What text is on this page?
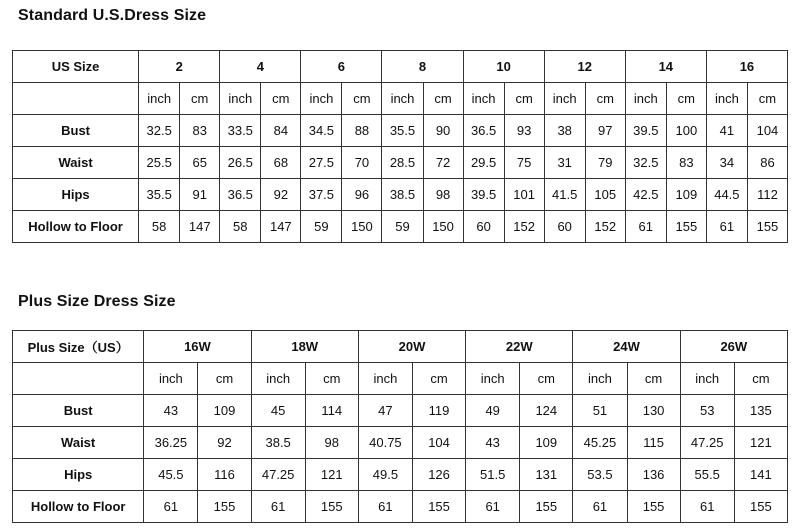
Standard U.S.Dress Size
US Size	2		4		6		8		10		12		14		16	
	inch	cm	inch	cm	inch	cm	inch	cm	inch	cm	inch	cm	inch	cm	inch	cm
Bust	32.5	83	33.5	84	34.5	88	35.5	90	36.5	93	38	97	39.5	100	41	104
Waist	25.5	65	26.5	68	27.5	70	28.5	72	29.5	75	31	79	32.5	83	34	86
Hips	35.5	91	36.5	92	37.5	96	38.5	98	39.5	101	41.5	105	42.5	109	44.5	112
Hollow to Floor	58	147	58	147	59	150	59	150	60	152	60	152	61	155	61	155
Plus Size Dress Size
Plus Size（US）	16W		18W		20W		22W		24W		26W	
	inch	cm	inch	cm	inch	cm	inch	cm	inch	cm	inch	cm
Bust	43	109	45	114	47	119	49	124	51	130	53	135
Waist	36.25	92	38.5	98	40.75	104	43	109	45.25	115	47.25	121
Hips	45.5	116	47.25	121	49.5	126	51.5	131	53.5	136	55.5	141
Hollow to Floor	61	155	61	155	61	155	61	155	61	155	61	155
